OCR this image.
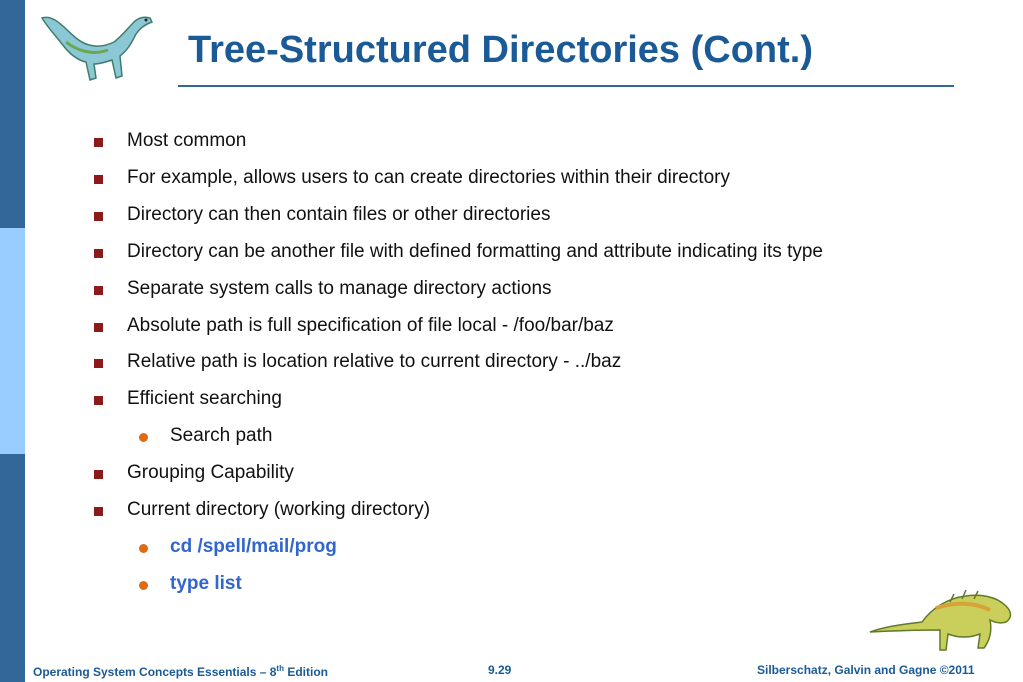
Tree-Structured Directories (Cont.)
Most common
For example, allows users to can create directories within their directory
Directory can then contain files or other directories
Directory can be another file with defined formatting and attribute indicating its type
Separate system calls to manage directory actions
Absolute path is full specification of file local - /foo/bar/baz
Relative path is location relative to current directory - ../baz
Efficient searching
Search path
Grouping Capability
Current directory (working directory)
cd /spell/mail/prog
type list
Operating System Concepts Essentials – 8th Edition	9.29	Silberschatz, Galvin and Gagne ©2011
